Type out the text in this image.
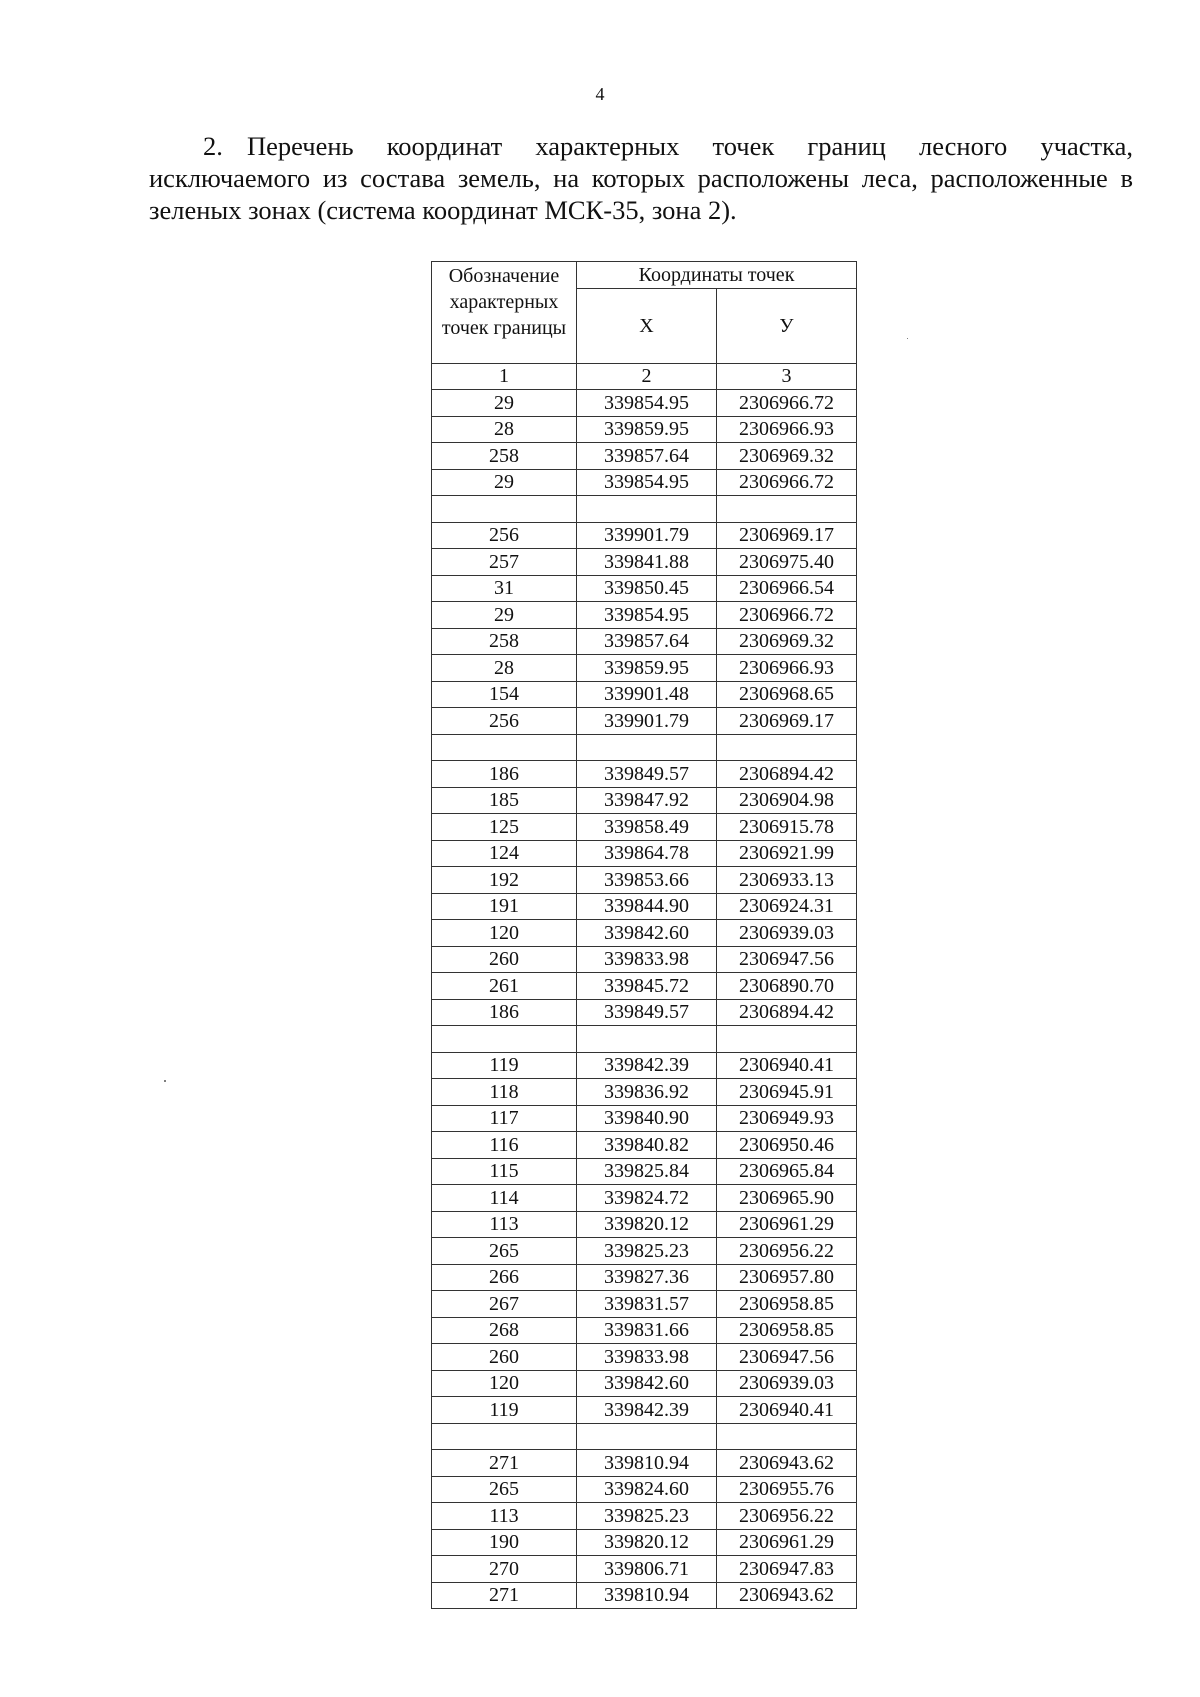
4
2. Перечень координат характерных точек границ лесного участка, исключаемого из состава земель, на которых расположены леса, расположенные в зеленых зонах (система координат МСК-35, зона 2).
Обозначение характерных точек границы	Координаты точек	
	X	У
1	2	3
29	339854.95	2306966.72
28	339859.95	2306966.93
258	339857.64	2306969.32
29	339854.95	2306966.72

256	339901.79	2306969.17
257	339841.88	2306975.40
31	339850.45	2306966.54
29	339854.95	2306966.72
258	339857.64	2306969.32
28	339859.95	2306966.93
154	339901.48	2306968.65
256	339901.79	2306969.17

186	339849.57	2306894.42
185	339847.92	2306904.98
125	339858.49	2306915.78
124	339864.78	2306921.99
192	339853.66	2306933.13
191	339844.90	2306924.31
120	339842.60	2306939.03
260	339833.98	2306947.56
261	339845.72	2306890.70
186	339849.57	2306894.42

119	339842.39	2306940.41
118	339836.92	2306945.91
117	339840.90	2306949.93
116	339840.82	2306950.46
115	339825.84	2306965.84
114	339824.72	2306965.90
113	339820.12	2306961.29
265	339825.23	2306956.22
266	339827.36	2306957.80
267	339831.57	2306958.85
268	339831.66	2306958.85
260	339833.98	2306947.56
120	339842.60	2306939.03
119	339842.39	2306940.41

271	339810.94	2306943.62
265	339824.60	2306955.76
113	339825.23	2306956.22
190	339820.12	2306961.29
270	339806.71	2306947.83
271	339810.94	2306943.62
